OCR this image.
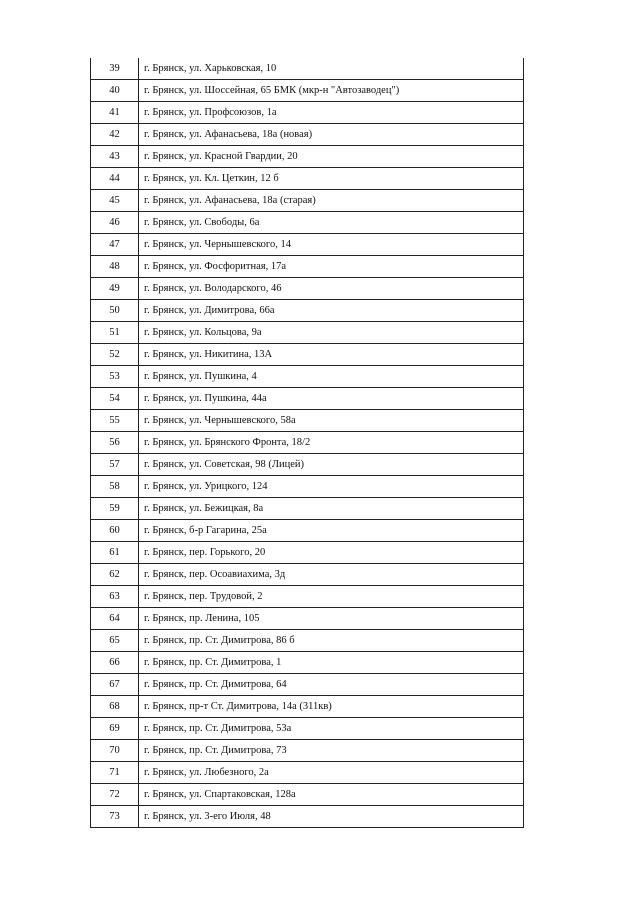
39	г. Брянск, ул. Харьковская, 10
40	г. Брянск, ул. Шоссейная, 65 БМК (мкр-н "Автозаводец")
41	г. Брянск, ул. Профсоюзов, 1а
42	г. Брянск, ул. Афанасьева, 18а (новая)
43	г. Брянск, ул. Красной Гвардии, 20
44	г. Брянск, ул. Кл. Цеткин, 12 б
45	г. Брянск, ул. Афанасьева, 18а (старая)
46	г. Брянск, ул. Свободы, 6а
47	г. Брянск, ул. Чернышевского, 14
48	г. Брянск, ул. Фосфоритная, 17а
49	г. Брянск, ул. Володарского, 46
50	г. Брянск, ул. Димитрова, 66а
51	г. Брянск, ул. Кольцова, 9а
52	г. Брянск, ул. Никитина, 13А
53	г. Брянск, ул. Пушкина, 4
54	г. Брянск, ул. Пушкина, 44а
55	г. Брянск, ул. Чернышевского, 58а
56	г. Брянск, ул. Брянского Фронта, 18/2
57	г. Брянск, ул. Советская, 98 (Лицей)
58	г. Брянск, ул. Урицкого, 124
59	г. Брянск, ул. Бежицкая, 8а
60	г. Брянск, б-р Гагарина, 25а
61	г. Брянск, пер. Горького, 20
62	г. Брянск, пер. Осоавиахима, 3д
63	г. Брянск, пер. Трудовой, 2
64	г. Брянск, пр. Ленина, 105
65	г. Брянск, пр. Ст. Димитрова, 86 б
66	г. Брянск, пр. Ст. Димитрова, 1
67	г. Брянск, пр. Ст. Димитрова, 64
68	г. Брянск, пр-т Ст. Димитрова, 14а (311кв)
69	г. Брянск, пр. Ст. Димитрова, 53а
70	г. Брянск, пр. Ст. Димитрова, 73
71	г. Брянск, ул. Любезного, 2а
72	г. Брянск, ул. Спартаковская, 128а
73	г. Брянск, ул. 3-его Июля, 48
